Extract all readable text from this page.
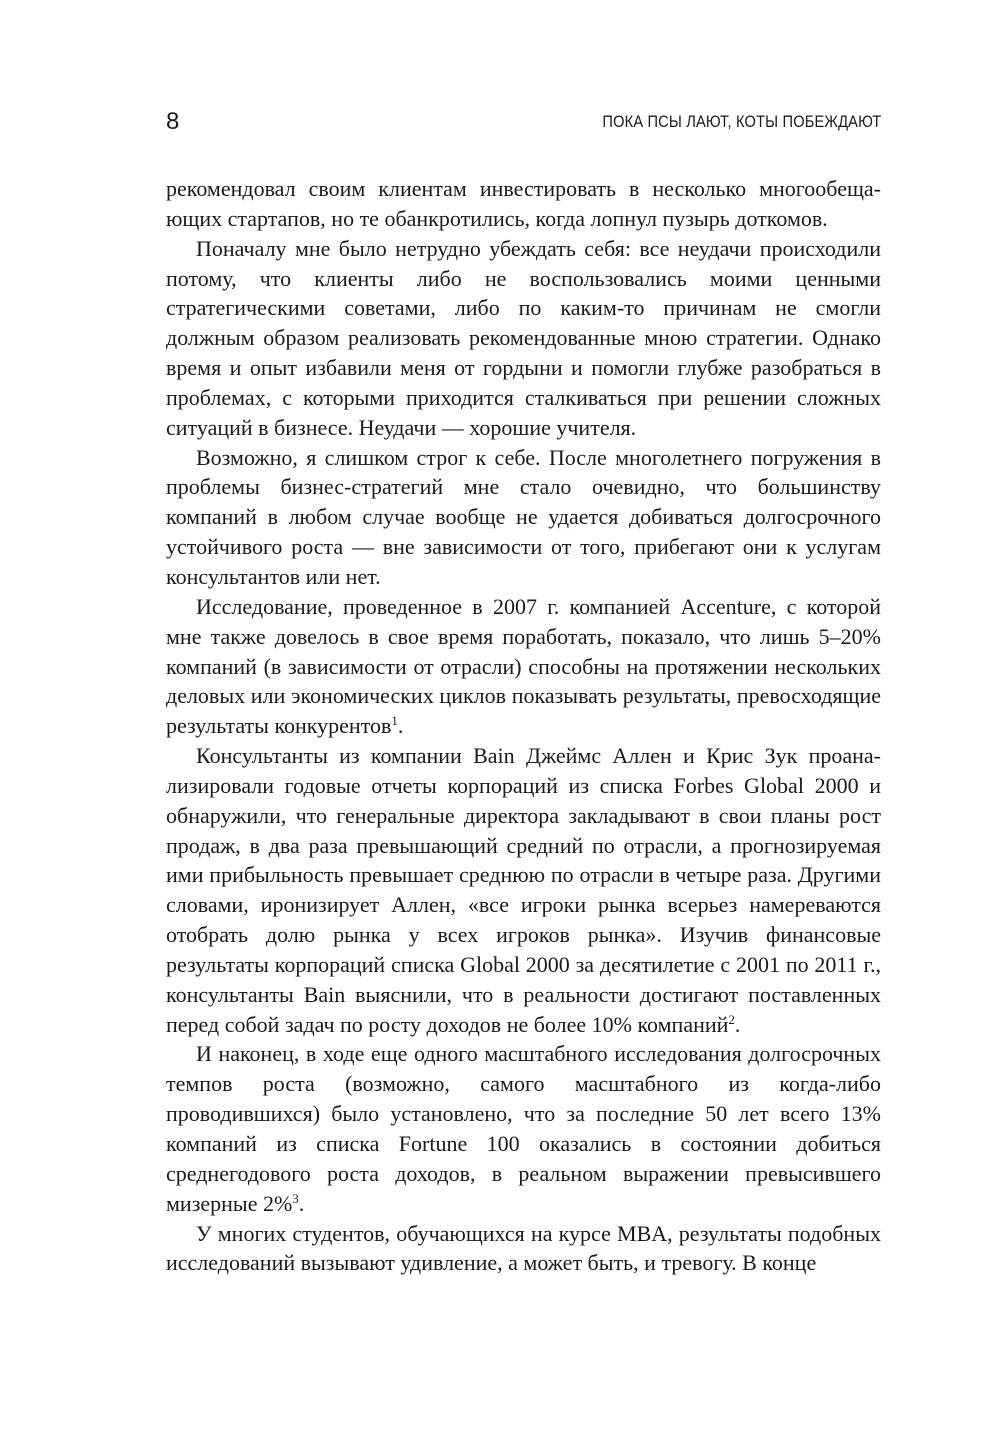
8	ПОКА ПСЫ ЛАЮТ, КОТЫ ПОБЕЖДАЮТ

рекомендовал своим клиентам инвестировать в несколько многообещающих стартапов, но те обанкротились, когда лопнул пузырь доткомов.

Поначалу мне было нетрудно убеждать себя: все неудачи происходили потому, что клиенты либо не воспользовались моими ценными стратегическими советами, либо по каким-то причинам не смогли должным образом реализовать рекомендованные мною стратегии. Однако время и опыт избавили меня от гордыни и помогли глубже разобраться в проблемах, с которыми приходится сталкиваться при решении сложных ситуаций в бизнесе. Неудачи — хорошие учителя.

Возможно, я слишком строг к себе. После многолетнего погружения в проблемы бизнес-стратегий мне стало очевидно, что большинству компаний в любом случае вообще не удается добиваться долгосрочного устойчивого роста — вне зависимости от того, прибегают они к услугам консультантов или нет.

Исследование, проведенное в 2007 г. компанией Accenture, с которой мне также довелось в свое время поработать, показало, что лишь 5–20% компаний (в зависимости от отрасли) способны на протяжении нескольких деловых или экономических циклов показывать результаты, превосходящие результаты конкурентов$^1$.

Консультанты из компании Bain Джеймс Аллен и Крис Зук проанализировали годовые отчеты корпораций из списка Forbes Global 2000 и обнаружили, что генеральные директора закладывают в свои планы рост продаж, в два раза превышающий средний по отрасли, а прогнозируемая ими прибыльность превышает среднюю по отрасли в четыре раза. Другими словами, иронизирует Аллен, «все игроки рынка всерьез намереваются отобрать долю рынка у всех игроков рынка». Изучив финансовые результаты корпораций списка Global 2000 за десятилетие с 2001 по 2011 г., консультанты Bain выяснили, что в реальности достигают поставленных перед собой задач по росту доходов не более 10% компаний$^2$.

И наконец, в ходе еще одного масштабного исследования долгосрочных темпов роста (возможно, самого масштабного из когда-либо проводившихся) было установлено, что за последние 50 лет всего 13% компаний из списка Fortune 100 оказались в состоянии добиться среднегодового роста доходов, в реальном выражении превысившего мизерные 2%$^3$.

У многих студентов, обучающихся на курсе MBA, результаты подобных исследований вызывают удивление, а может быть, и тревогу. В конце
